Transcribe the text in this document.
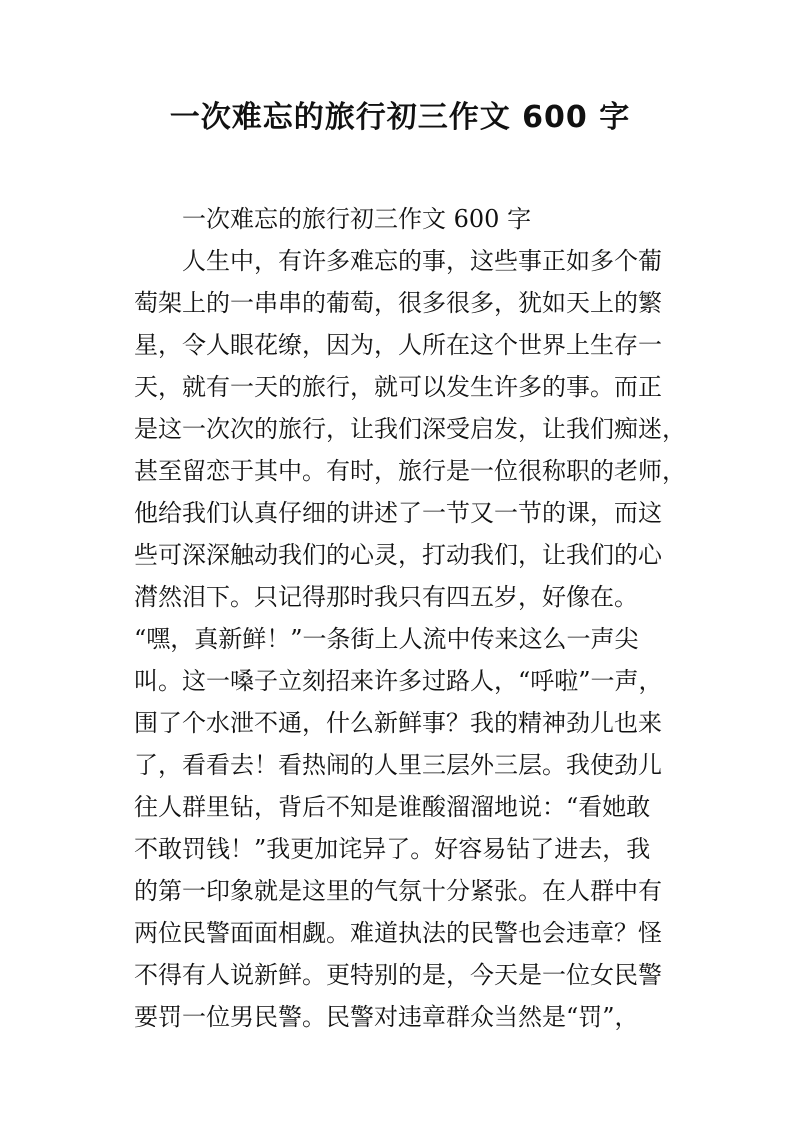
一次难忘的旅行初三作文 600 字
一次难忘的旅行初三作文 600 字
人生中，有许多难忘的事，这些事正如多个葡
萄架上的一串串的葡萄，很多很多，犹如天上的繁
星，令人眼花缭，因为，人所在这个世界上生存一
天，就有一天的旅行，就可以发生许多的事。而正
是这一次次的旅行，让我们深受启发，让我们痴迷，
甚至留恋于其中。有时，旅行是一位很称职的老师，
他给我们认真仔细的讲述了一节又一节的课，而这
些可深深触动我们的心灵，打动我们，让我们的心
潸然泪下。只记得那时我只有四五岁，好像在。
“嘿，真新鲜！”一条街上人流中传来这么一声尖
叫。这一嗓子立刻招来许多过路人，“呼啦”一声，
围了个水泄不通，什么新鲜事？我的精神劲儿也来
了，看看去！看热闹的人里三层外三层。我使劲儿
往人群里钻，背后不知是谁酸溜溜地说：“看她敢
不敢罚钱！”我更加诧异了。好容易钻了进去，我
的第一印象就是这里的气氛十分紧张。在人群中有
两位民警面面相觑。难道执法的民警也会违章？怪
不得有人说新鲜。更特别的是，今天是一位女民警
要罚一位男民警。民警对违章群众当然是“罚”，
